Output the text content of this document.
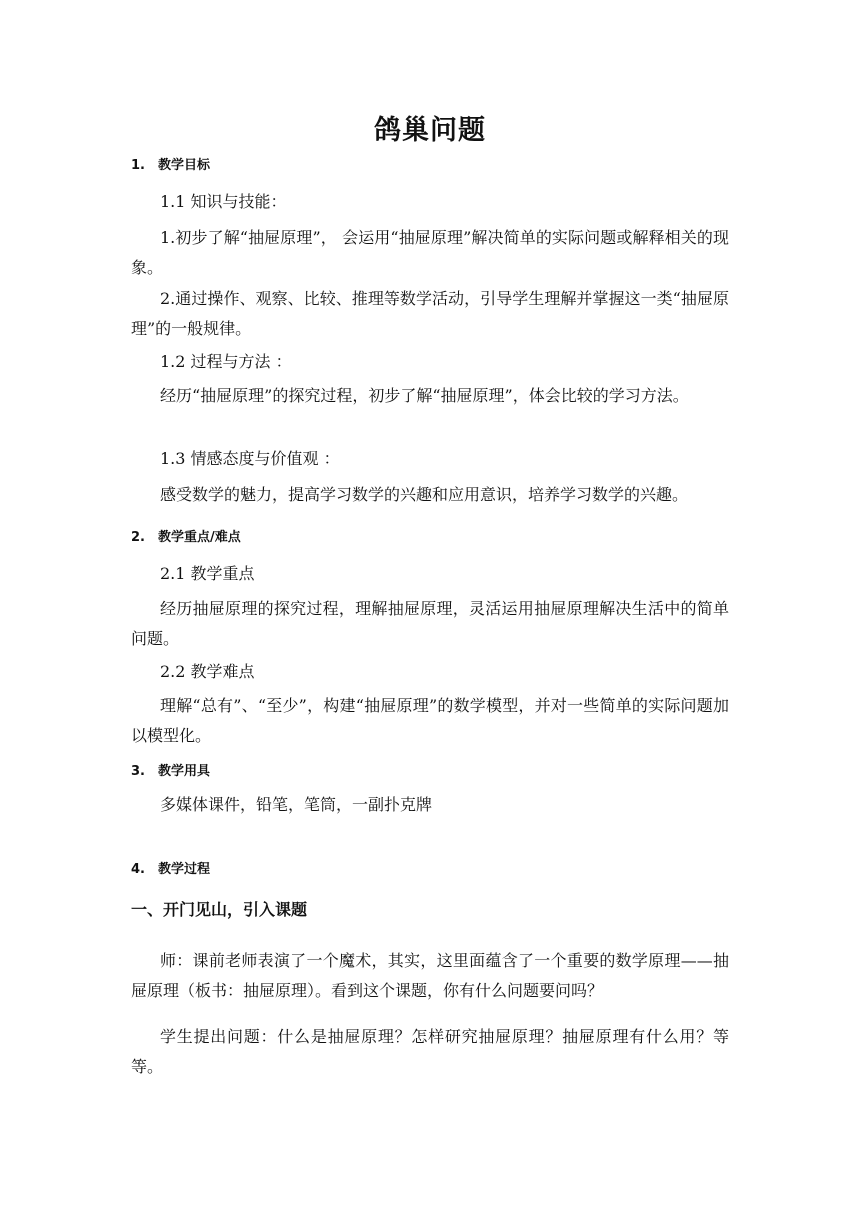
鸽巢问题
1. 教学目标
1.1 知识与技能：
1.初步了解“抽屉原理”， 会运用“抽屉原理”解决简单的实际问题或解释相关的现象。
2.通过操作、观察、比较、推理等数学活动，引导学生理解并掌握这一类“抽屉原理”的一般规律。
1.2 过程与方法 ：
经历“抽屉原理”的探究过程，初步了解“抽屉原理”，体会比较的学习方法。
1.3 情感态度与价值观 ：
感受数学的魅力，提高学习数学的兴趣和应用意识，培养学习数学的兴趣。
2. 教学重点/难点
2.1 教学重点
经历抽屉原理的探究过程，理解抽屉原理，灵活运用抽屉原理解决生活中的简单问题。
2.2 教学难点
理解“总有”、“至少”，构建“抽屉原理”的数学模型，并对一些简单的实际问题加以模型化。
3. 教学用具
多媒体课件，铅笔，笔筒，一副扑克牌
4. 教学过程
一、开门见山，引入课题
师：课前老师表演了一个魔术，其实，这里面蕴含了一个重要的数学原理——抽屉原理（板书：抽屉原理）。看到这个课题，你有什么问题要问吗？
学生提出问题：什么是抽屉原理？怎样研究抽屉原理？抽屉原理有什么用？等等。
